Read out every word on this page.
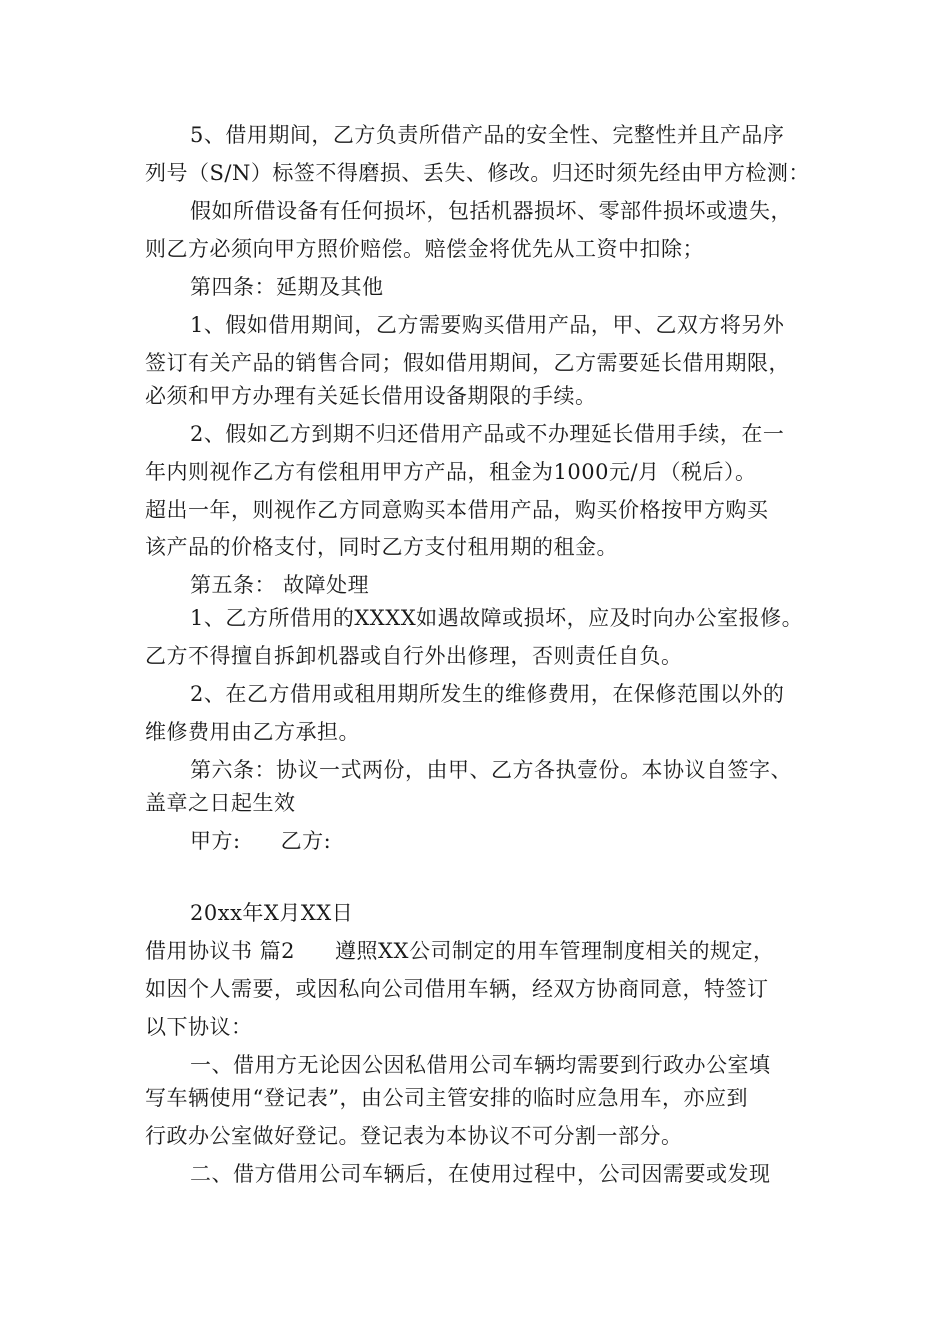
5、借用期间，乙方负责所借产品的安全性、完整性并且产品序
列号（S/N）标签不得磨损、丢失、修改。归还时须先经由甲方检测：
假如所借设备有任何损坏，包括机器损坏、零部件损坏或遗失，
则乙方必须向甲方照价赔偿。赔偿金将优先从工资中扣除；
第四条：延期及其他
1、假如借用期间，乙方需要购买借用产品，甲、乙双方将另外
签订有关产品的销售合同；假如借用期间，乙方需要延长借用期限，
必须和甲方办理有关延长借用设备期限的手续。
2、假如乙方到期不归还借用产品或不办理延长借用手续，在一
年内则视作乙方有偿租用甲方产品，租金为1000元/月（税后）。
超出一年，则视作乙方同意购买本借用产品，购买价格按甲方购买
该产品的价格支付，同时乙方支付租用期的租金。
第五条： 故障处理
1、乙方所借用的XXXX如遇故障或损坏，应及时向办公室报修。
乙方不得擅自拆卸机器或自行外出修理，否则责任自负。
2、在乙方借用或租用期所发生的维修费用，在保修范围以外的
维修费用由乙方承担。
第六条：协议一式两份，由甲、乙方各执壹份。本协议自签字、
盖章之日起生效
甲方: 乙方:
20xx年X月XX日
借用协议书 篇2 遵照XX公司制定的用车管理制度相关的规定，
如因个人需要，或因私向公司借用车辆，经双方协商同意，特签订
以下协议：
一、借用方无论因公因私借用公司车辆均需要到行政办公室填
写车辆使用“登记表”，由公司主管安排的临时应急用车，亦应到
行政办公室做好登记。登记表为本协议不可分割一部分。
二、借方借用公司车辆后，在使用过程中，公司因需要或发现
